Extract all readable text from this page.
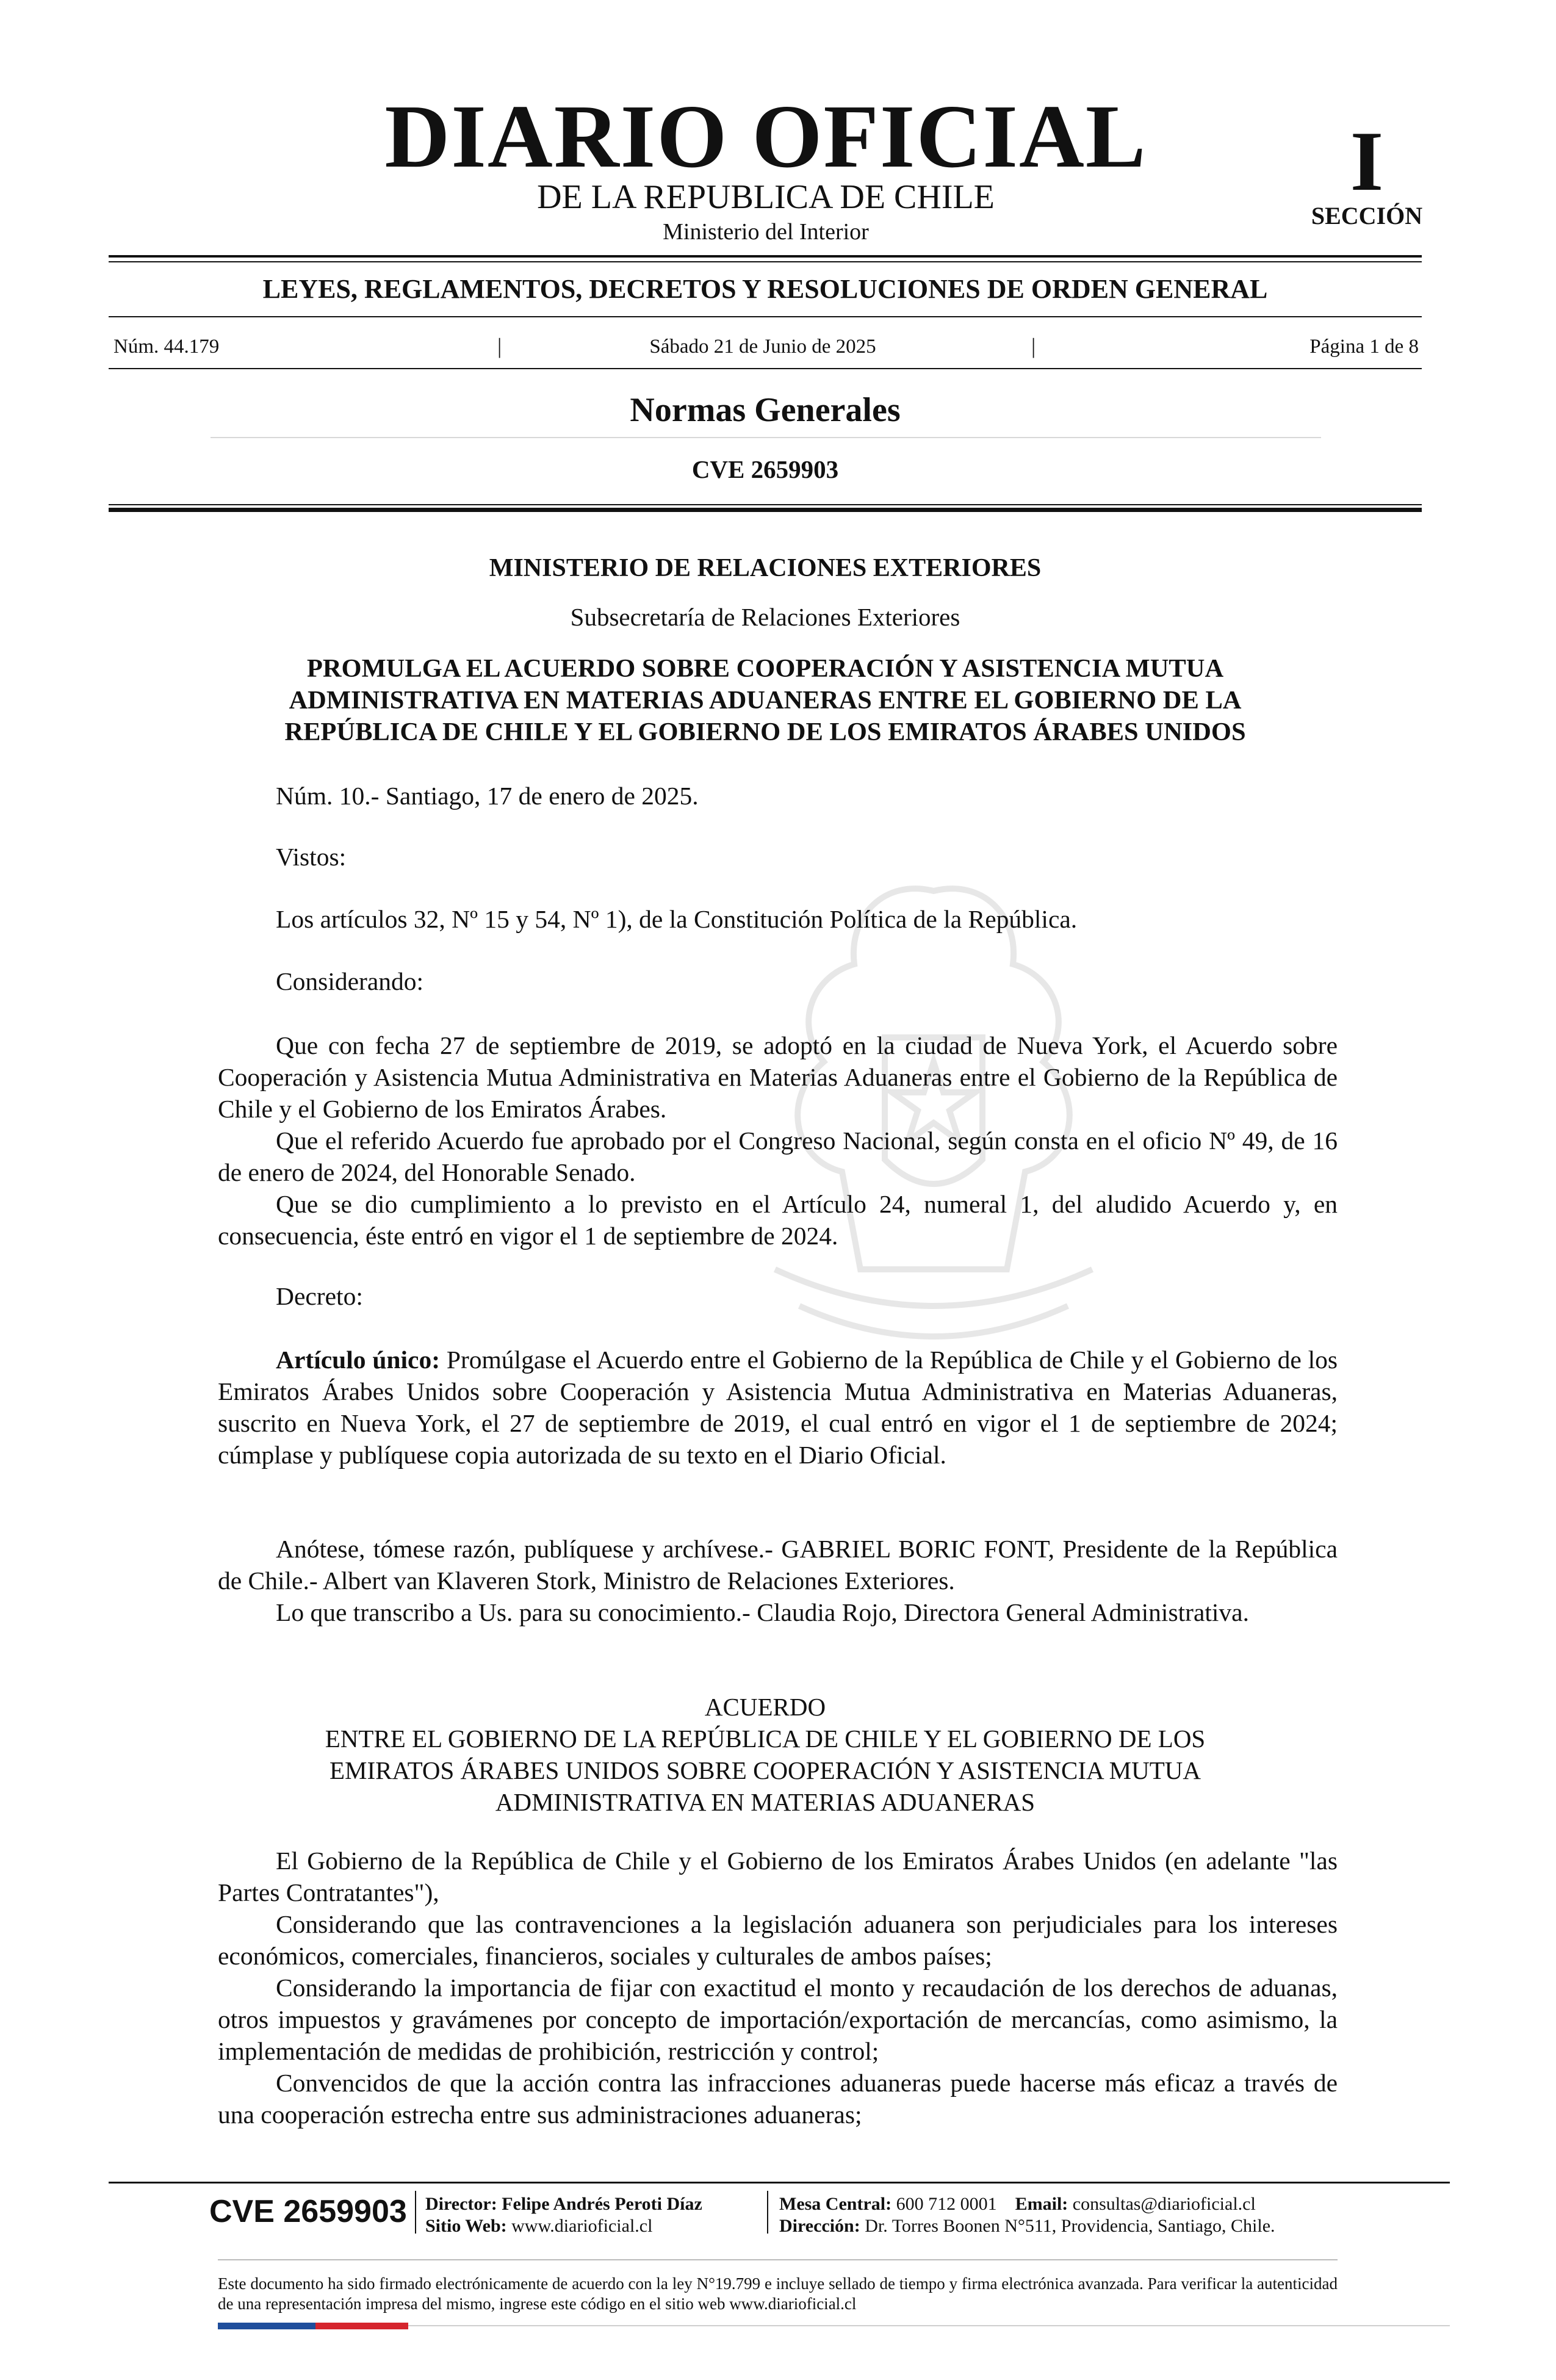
DIARIO OFICIAL
DE LA REPUBLICA DE CHILE
Ministerio del Interior
I
SECCIÓN
LEYES, REGLAMENTOS, DECRETOS Y RESOLUCIONES DE ORDEN GENERAL
Núm. 44.179	|	Sábado 21 de Junio de 2025	|	Página 1 de 8
Normas Generales
CVE 2659903
MINISTERIO DE RELACIONES EXTERIORES
Subsecretaría de Relaciones Exteriores
PROMULGA EL ACUERDO SOBRE COOPERACIÓN Y ASISTENCIA MUTUA
ADMINISTRATIVA EN MATERIAS ADUANERAS ENTRE EL GOBIERNO DE LA
REPÚBLICA DE CHILE Y EL GOBIERNO DE LOS EMIRATOS ÁRABES UNIDOS
Núm. 10.- Santiago, 17 de enero de 2025.
Vistos:
Los artículos 32, Nº 15 y 54, Nº 1), de la Constitución Política de la República.
Considerando:
Que con fecha 27 de septiembre de 2019, se adoptó en la ciudad de Nueva York, el Acuerdo sobre Cooperación y Asistencia Mutua Administrativa en Materias Aduaneras entre el Gobierno de la República de Chile y el Gobierno de los Emiratos Árabes.
Que el referido Acuerdo fue aprobado por el Congreso Nacional, según consta en el oficio Nº 49, de 16 de enero de 2024, del Honorable Senado.
Que se dio cumplimiento a lo previsto en el Artículo 24, numeral 1, del aludido Acuerdo y, en consecuencia, éste entró en vigor el 1 de septiembre de 2024.
Decreto:
Artículo único: Promúlgase el Acuerdo entre el Gobierno de la República de Chile y el Gobierno de los Emiratos Árabes Unidos sobre Cooperación y Asistencia Mutua Administrativa en Materias Aduaneras, suscrito en Nueva York, el 27 de septiembre de 2019, el cual entró en vigor el 1 de septiembre de 2024; cúmplase y publíquese copia autorizada de su texto en el Diario Oficial.
Anótese, tómese razón, publíquese y archívese.- GABRIEL BORIC FONT, Presidente de la República de Chile.- Albert van Klaveren Stork, Ministro de Relaciones Exteriores.
Lo que transcribo a Us. para su conocimiento.- Claudia Rojo, Directora General Administrativa.
ACUERDO
ENTRE EL GOBIERNO DE LA REPÚBLICA DE CHILE Y EL GOBIERNO DE LOS
EMIRATOS ÁRABES UNIDOS SOBRE COOPERACIÓN Y ASISTENCIA MUTUA
ADMINISTRATIVA EN MATERIAS ADUANERAS
El Gobierno de la República de Chile y el Gobierno de los Emiratos Árabes Unidos (en adelante "las Partes Contratantes"),
Considerando que las contravenciones a la legislación aduanera son perjudiciales para los intereses económicos, comerciales, financieros, sociales y culturales de ambos países;
Considerando la importancia de fijar con exactitud el monto y recaudación de los derechos de aduanas, otros impuestos y gravámenes por concepto de importación/exportación de mercancías, como asimismo, la implementación de medidas de prohibición, restricción y control;
Convencidos de que la acción contra las infracciones aduaneras puede hacerse más eficaz a través de una cooperación estrecha entre sus administraciones aduaneras;
CVE 2659903 Director: Felipe Andrés Peroti Díaz
Sitio Web: www.diarioficial.cl
Mesa Central: 600 712 0001 Email: consultas@diarioficial.cl
Dirección: Dr. Torres Boonen N°511, Providencia, Santiago, Chile.
Este documento ha sido firmado electrónicamente de acuerdo con la ley N°19.799 e incluye sellado de tiempo y firma electrónica avanzada. Para verificar la autenticidad de una representación impresa del mismo, ingrese este código en el sitio web www.diarioficial.cl
